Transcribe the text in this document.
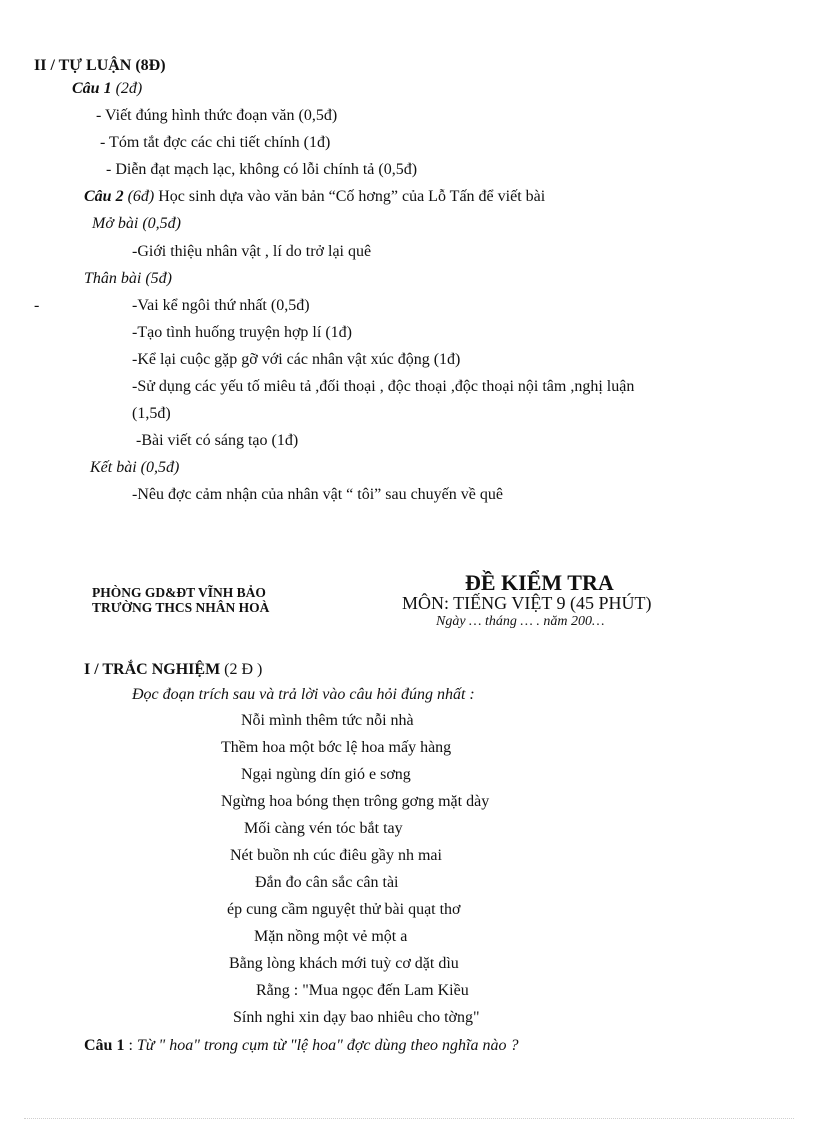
II / TỰ LUẬN (8Đ)
Câu 1 (2đ)
- Viết đúng hình thức đoạn văn (0,5đ)
- Tóm tắt đợc các chi tiết chính (1đ)
- Diễn đạt mạch lạc, không có lỗi chính tả (0,5đ)
Câu 2 (6đ) Học sinh dựa vào văn bản “Cố hơng” của Lỗ Tấn để viết bài
Mở bài (0,5đ)
-Giới thiệu nhân vật , lí do trở lại quê
Thân bài (5đ)
-	-Vai kể ngôi thứ nhất (0,5đ)
-Tạo tình huống truyện hợp lí (1đ)
-Kể lại cuộc gặp gỡ với các nhân vật xúc động (1đ)
-Sử dụng các yếu tố miêu tả ,đối thoại , độc thoại ,độc thoại nội tâm ,nghị luận
(1,5đ)
-Bài viết có sáng tạo (1đ)
Kết bài (0,5đ)
-Nêu đợc cảm nhận của nhân vật “ tôi” sau chuyến về quê
PHÒNG GD&ĐT VĨNH BẢO
TRƯỜNG THCS NHÂN HOÀ
ĐỀ KIỂM TRA
MÔN: TIẾNG VIỆT 9 (45 PHÚT)
Ngày … tháng … . năm 200…
I / TRẮC NGHIỆM (2 Đ )
Đọc đoạn trích sau và trả lời vào câu hỏi đúng nhất :
Nỗi mình thêm tức nỗi nhà
Thềm hoa một bớc lệ hoa mấy hàng
Ngại ngùng dín gió e sơng
Ngừng hoa bóng thẹn trông gơng mặt dày
Mối càng vén tóc bắt tay
Nét buồn nh cúc điêu gầy nh mai
Đắn đo cân sắc cân tài
ép cung cầm nguyệt thử bài quạt thơ
Mặn nồng một vẻ một a
Bằng lòng khách mới tuỳ cơ dặt dìu
Rằng : "Mua ngọc đến Lam Kiều
Sính nghi xin dạy bao nhiêu cho tờng"
Câu 1 : Từ " hoa" trong cụm từ "lệ hoa" đợc dùng theo nghĩa nào ?
